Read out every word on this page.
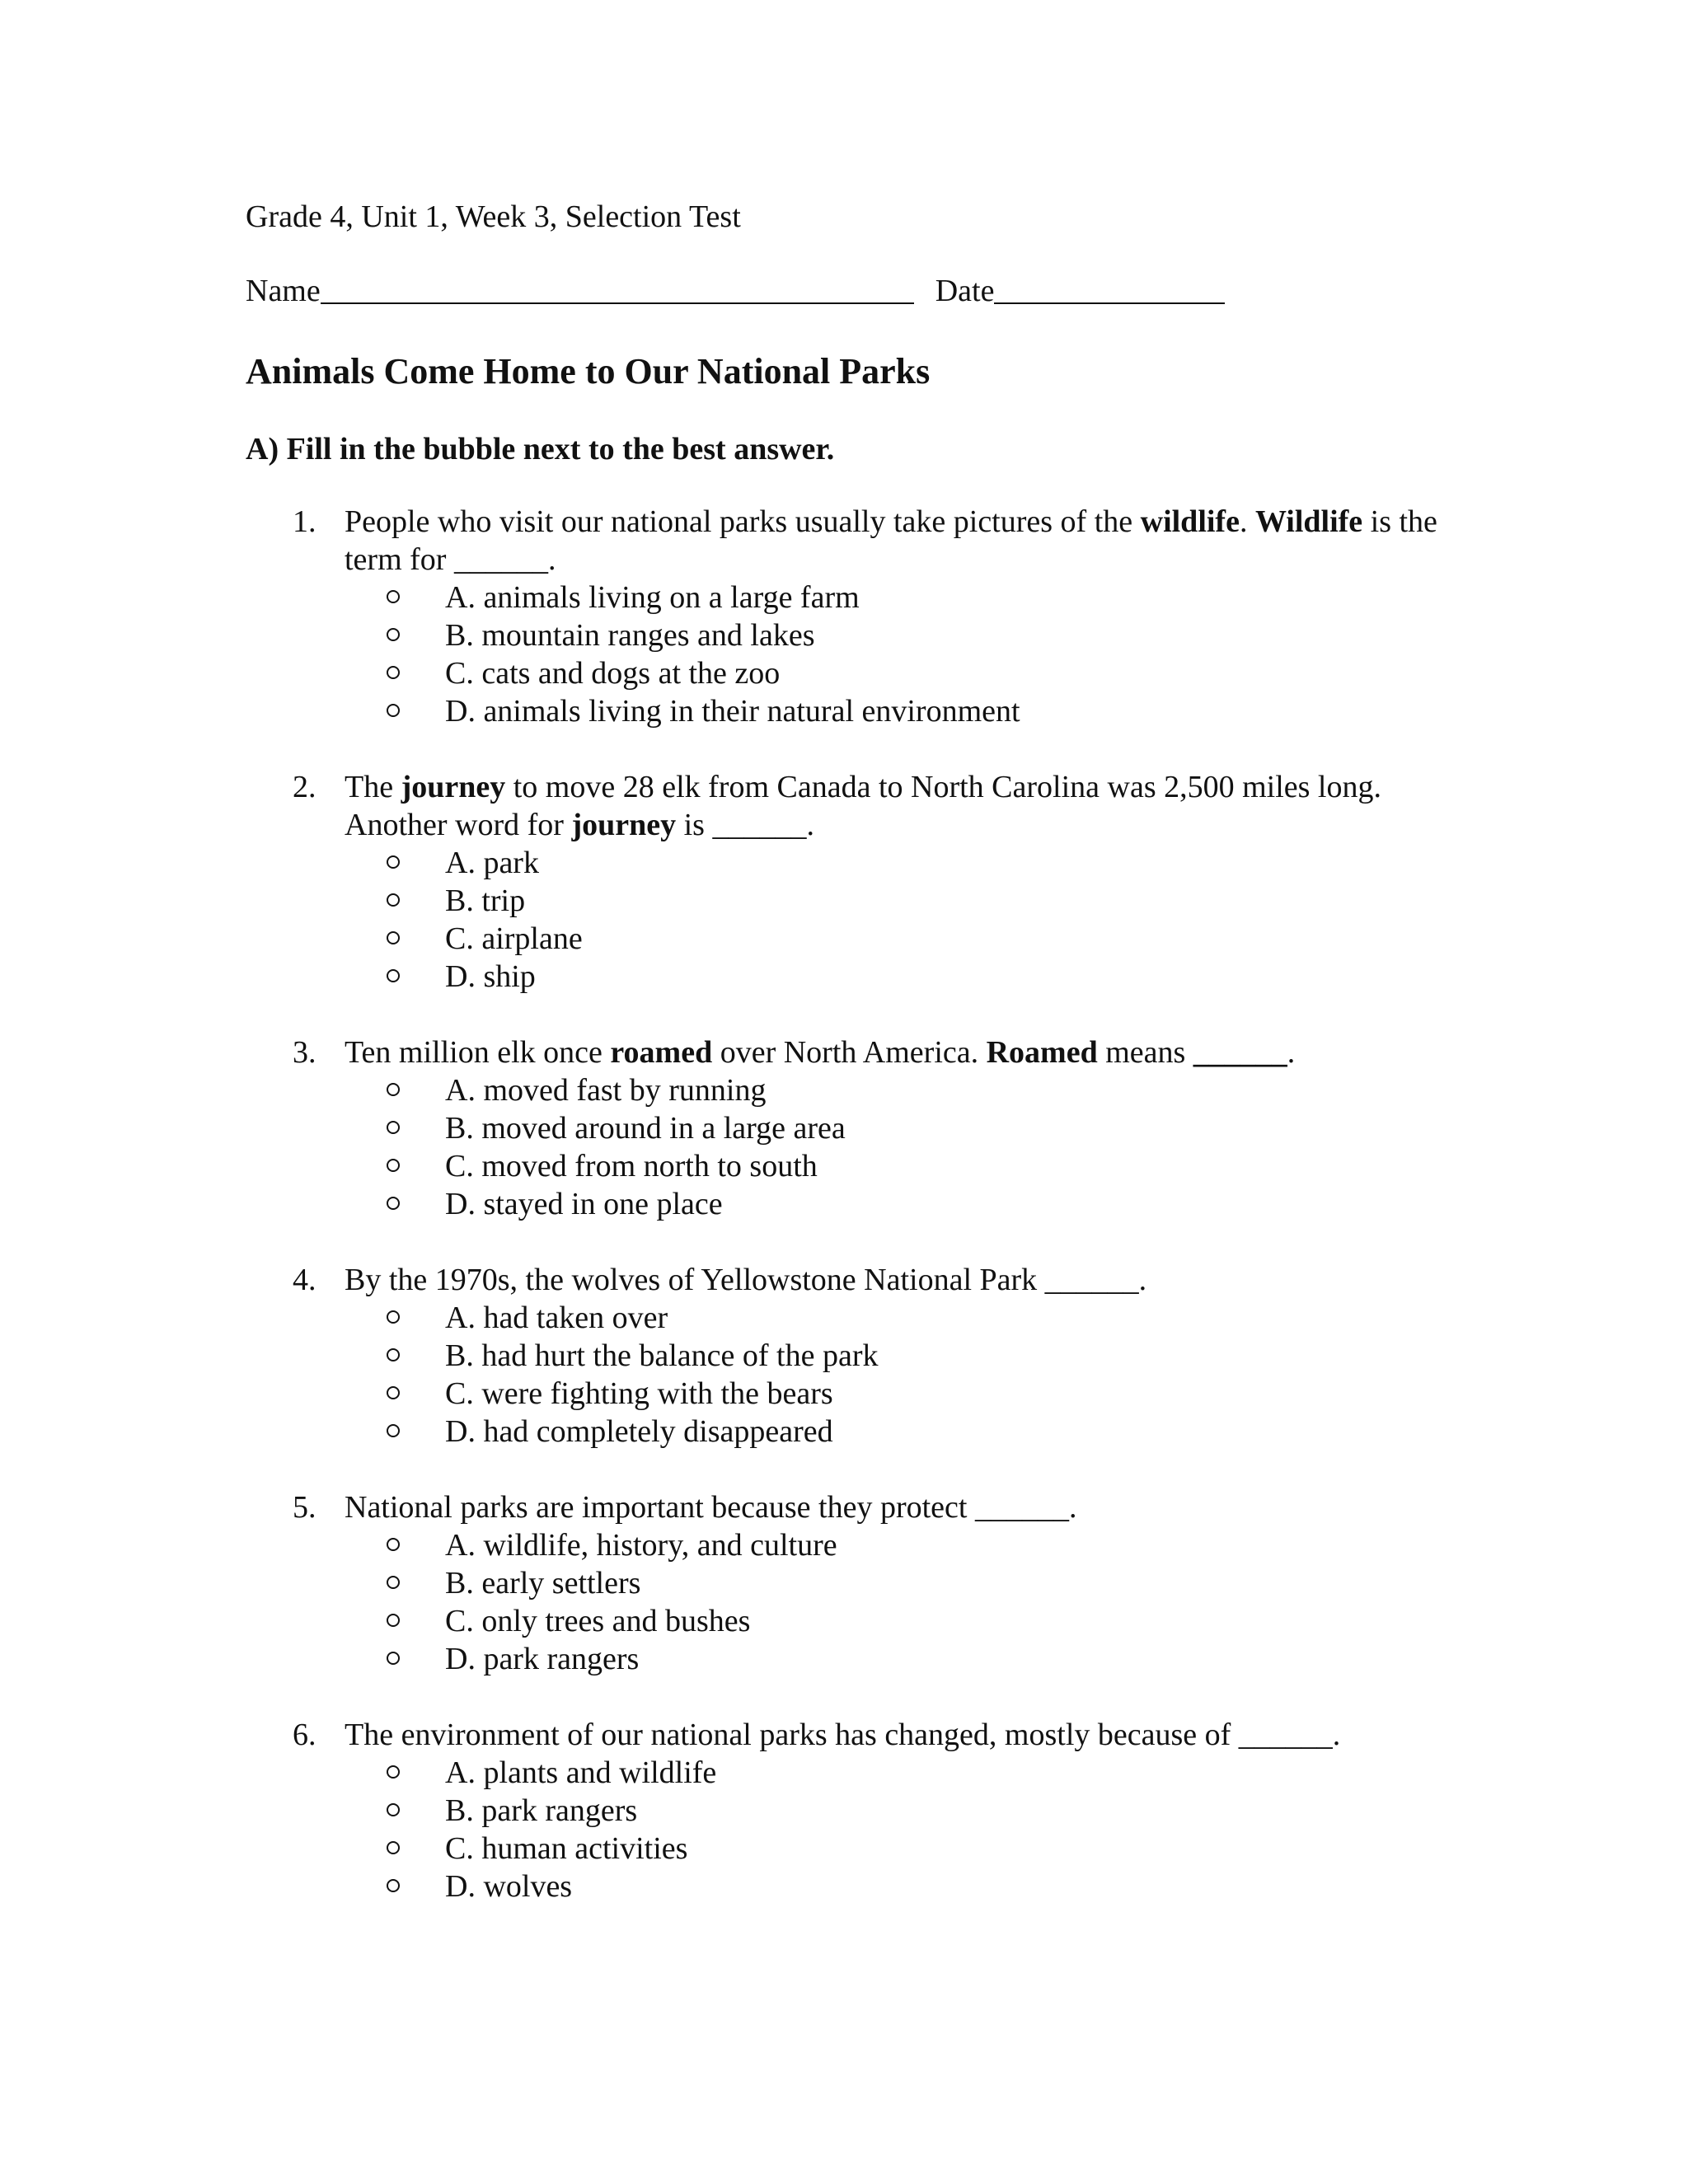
Grade 4, Unit 1, Week 3, Selection Test
Name	Date
Animals Come Home to Our National Parks
A) Fill in the bubble next to the best answer.
1. People who visit our national parks usually take pictures of the wildlife. Wildlife is the term for ______.
A. animals living on a large farm
B. mountain ranges and lakes
C. cats and dogs at the zoo
D. animals living in their natural environment
2. The journey to move 28 elk from Canada to North Carolina was 2,500 miles long. Another word for journey is ______.
A. park
B. trip
C. airplane
D. ship
3. Ten million elk once roamed over North America. Roamed means ______.
A. moved fast by running
B. moved around in a large area
C. moved from north to south
D. stayed in one place
4. By the 1970s, the wolves of Yellowstone National Park ______.
A. had taken over
B. had hurt the balance of the park
C. were fighting with the bears
D. had completely disappeared
5. National parks are important because they protect ______.
A. wildlife, history, and culture
B. early settlers
C. only trees and bushes
D. park rangers
6. The environment of our national parks has changed, mostly because of ______.
A. plants and wildlife
B. park rangers
C. human activities
D. wolves
